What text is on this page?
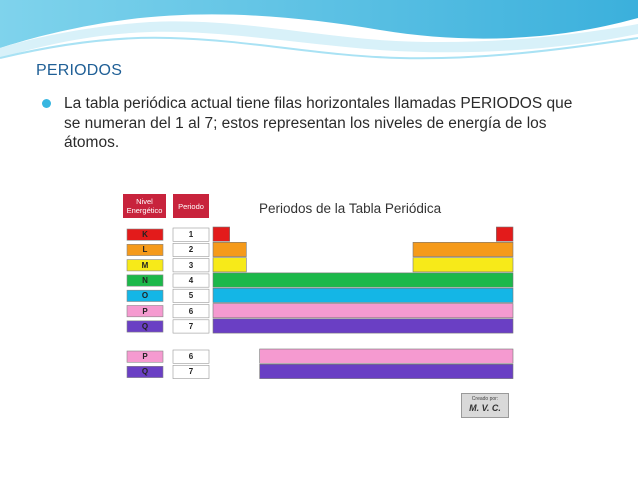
PERIODOS
La tabla periódica actual tiene filas horizontales llamadas PERIODOS que se numeran del 1 al 7; estos representan los niveles de energía de los átomos.
Nivel Energético	Periodo	Periodos de la Tabla Periódica
K	1
L	2
M	3
N	4
O	5
P	6
Q	7
P	6
Q	7
Creado por:
M. V. C.
